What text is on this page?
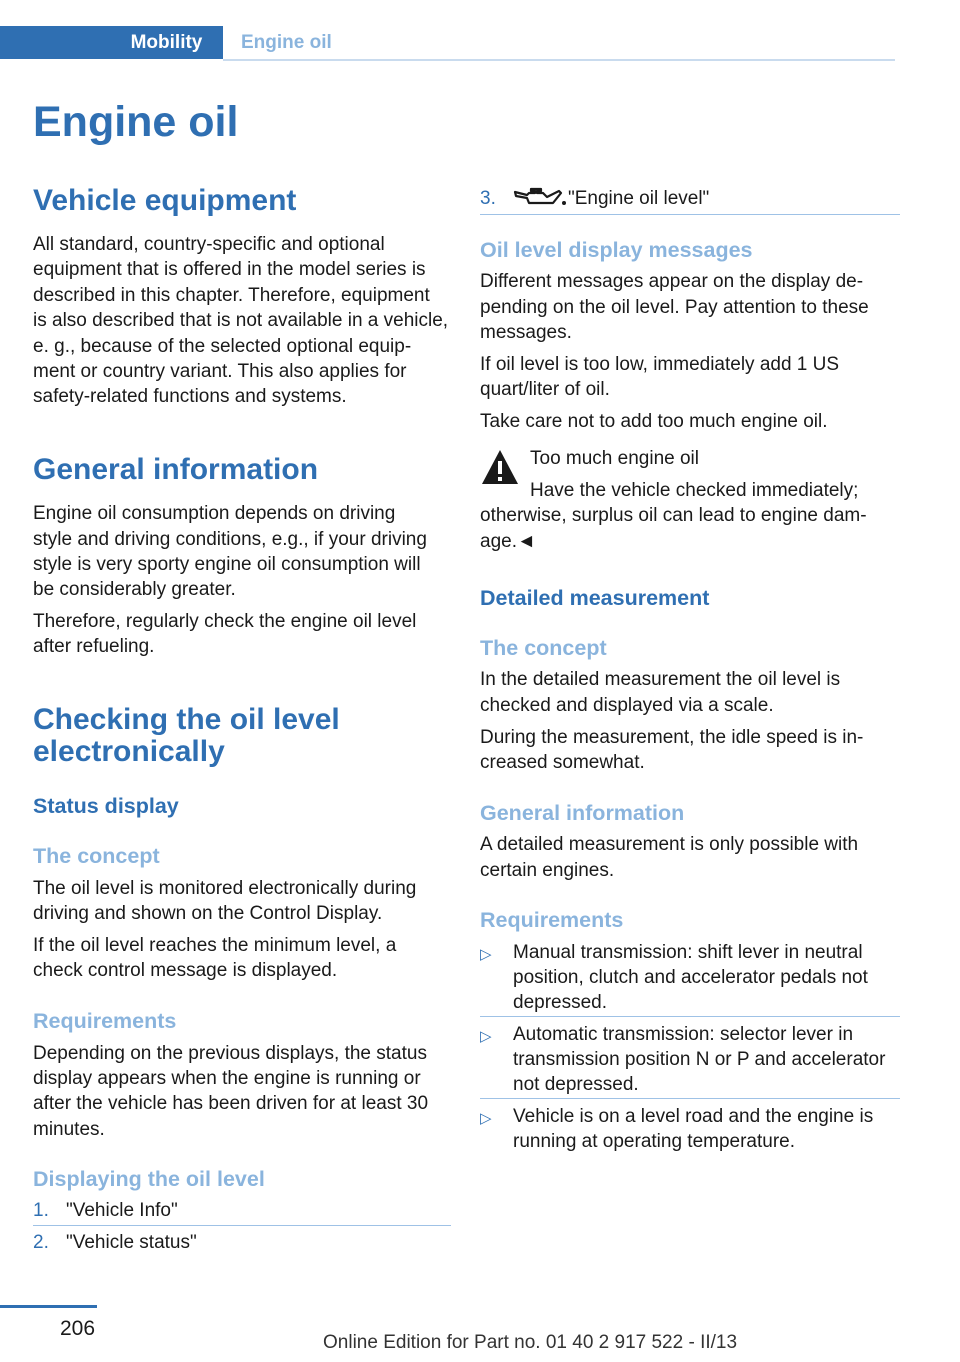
Mobility	Engine oil
Engine oil
Vehicle equipment
All standard, country-specific and optional
equipment that is offered in the model series is
described in this chapter. Therefore, equipment
is also described that is not available in a vehicle,
e. g., because of the selected optional equip-
ment or country variant. This also applies for
safety-related functions and systems.
General information
Engine oil consumption depends on driving
style and driving conditions, e.g., if your driving
style is very sporty engine oil consumption will
be considerably greater.
Therefore, regularly check the engine oil level
after refueling.
Checking the oil level
electronically
Status display
The concept
The oil level is monitored electronically during
driving and shown on the Control Display.
If the oil level reaches the minimum level, a
check control message is displayed.
Requirements
Depending on the previous displays, the status
display appears when the engine is running or
after the vehicle has been driven for at least 30
minutes.
Displaying the oil level
1. "Vehicle Info"
2. "Vehicle status"
3.	"Engine oil level"
Oil level display messages
Different messages appear on the display de-
pending on the oil level. Pay attention to these
messages.
If oil level is too low, immediately add 1 US
quart/liter of oil.
Take care not to add too much engine oil.
Too much engine oil
Have the vehicle checked immediately;
otherwise, surplus oil can lead to engine dam-
age.◄
Detailed measurement
The concept
In the detailed measurement the oil level is
checked and displayed via a scale.
During the measurement, the idle speed is in-
creased somewhat.
General information
A detailed measurement is only possible with
certain engines.
Requirements
▷ Manual transmission: shift lever in neutral
position, clutch and accelerator pedals not
depressed.
▷ Automatic transmission: selector lever in
transmission position N or P and accelerator
not depressed.
▷ Vehicle is on a level road and the engine is
running at operating temperature.
206
Online Edition for Part no. 01 40 2 917 522 - II/13
